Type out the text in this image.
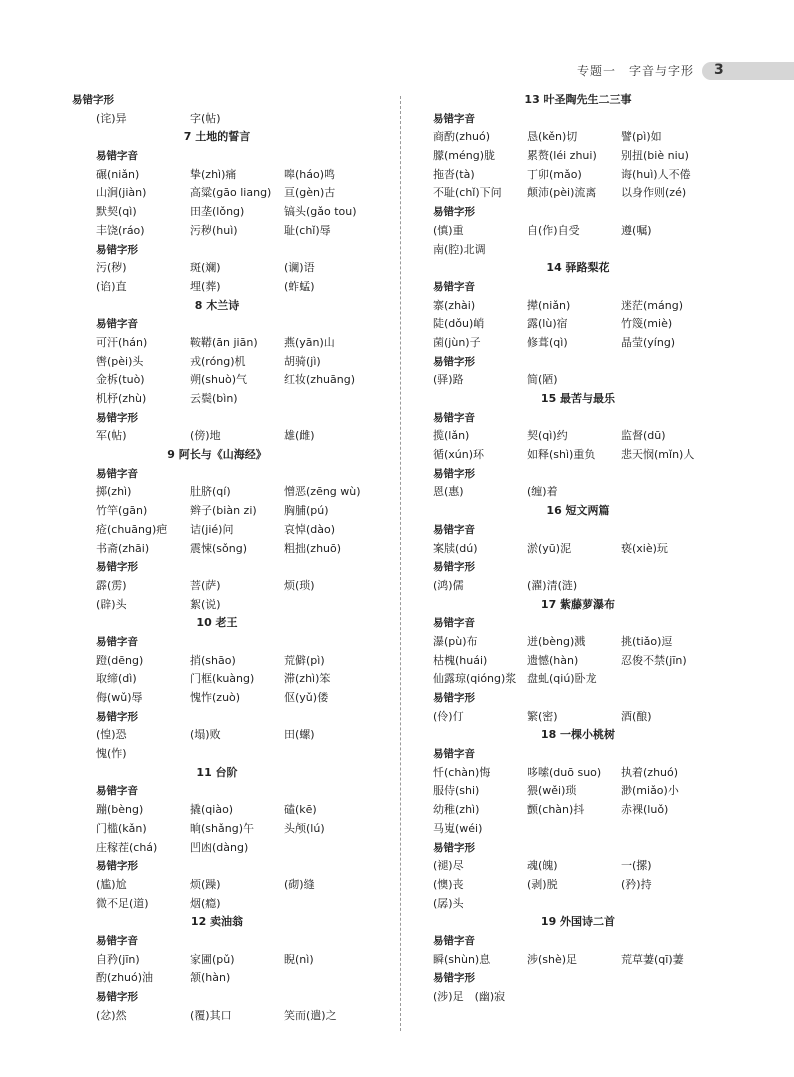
专题一　字音与字形 3
易错字形
(诧)异	字(帖)
7 土地的誓言
易错字音
碾(niǎn)	挚(zhì)痛	嗥(háo)鸣
山涧(jiàn)	高粱(gāo liang) 亘(gèn)古
默契(qì)	田垄(lǒng)	镐头(gǎo tou)
丰饶(ráo)	污秽(huì)	耻(chǐ)辱
易错字形
污(秽)	斑(斓)	(谰)语
(谄)直	埋(葬)	(蚱蜢)
8 木兰诗
易错字音
可汗(hán)	鞍鞯(ān jiān) 燕(yān)山
辔(pèi)头	戎(róng)机	胡骑(jì)
金柝(tuò)	朔(shuò)气	红妆(zhuāng)
机杼(zhù)	云鬓(bìn)
易错字形
军(帖)	(傍)地	雄(雌)
9 阿长与《山海经》
易错字音
掷(zhì)	肚脐(qí)	憎恶(zēng wù)
竹竿(gān)	辫子(biàn zi) 胸脯(pú)
疮(chuāng)疤 诘(jié)问	哀悼(dào)
书斋(zhāi)	震悚(sǒng)	粗拙(zhuō)
易错字形
霹(雳)	菩(萨)	烦(琐)
(辟)头	絮(说)
10 老王
易错字音
蹬(dēng)	捎(shāo)	荒僻(pì)
取缔(dì)	门框(kuàng)	滞(zhì)笨
侮(wǔ)辱	愧怍(zuò)	伛(yǔ)偻
易错字形
(惶)恐	(塌)败	田(螺)
愧(怍)
11 台阶
易错字音
蹦(bèng)	撬(qiào)	磕(kē)
门槛(kǎn)	晌(shǎng)午	头颅(lú)
庄稼茬(chá)	凹凼(dàng)
易错字形
(尴)尬	烦(躁)	(砌)缝
微不足(道)	烟(瘾)
12 卖油翁
易错字音
自矜(jīn)	家圃(pǔ)	睨(nì)
酌(zhuó)油	颔(hàn)
易错字形
(忿)然	(覆)其口	笑而(遣)之
13 叶圣陶先生二三事
易错字音
商酌(zhuó)	恳(kěn)切	譬(pì)如
朦(méng)胧	累赘(léi zhui) 别扭(biè niu)
拖沓(tà)	丁卯(mǎo)	诲(huì)人不倦
不耻(chǐ)下问 颠沛(pèi)流离 以身作则(zé)
易错字形
(慎)重	自(作)自受	遵(嘱)
南(腔)北调
14 驿路梨花
易错字音
寨(zhài)	撵(niǎn)	迷茫(máng)
陡(dǒu)峭	露(lù)宿	竹篾(miè)
菌(jùn)子	修葺(qì)	晶莹(yíng)
易错字形
(驿)路	简(陋)
15 最苦与最乐
易错字音
揽(lǎn)	契(qì)约	监督(dū)
循(xún)环	如释(shì)重负 悲天悯(mǐn)人
易错字形
恩(惠)	(缠)着
16 短文两篇
易错字音
案牍(dú)	淤(yū)泥	亵(xiè)玩
易错字形
(鸿)儒	(濯)清(涟)
17 紫藤萝瀑布
易错字音
瀑(pù)布	迸(bèng)溅	挑(tiǎo)逗
枯槐(huái)	遗憾(hàn)	忍俊不禁(jīn)
仙露琼(qióng)浆 盘虬(qiú)卧龙
易错字形
(伶)仃	繁(密)	酒(酿)
18 一棵小桃树
易错字音
忏(chàn)悔	哆嗦(duō suo) 执着(zhuó)
服侍(shi)	猥(wěi)琐	渺(miǎo)小
幼稚(zhì)	颤(chàn)抖	赤裸(luǒ)
马嵬(wéi)
易错字形
(褪)尽	魂(魄)	一(摞)
(懊)丧	(剥)脱	(矜)持
(孱)头
19 外国诗二首
易错字音
瞬(shùn)息	涉(shè)足	荒草萋(qī)萋
易错字形
(涉)足　(幽)寂
